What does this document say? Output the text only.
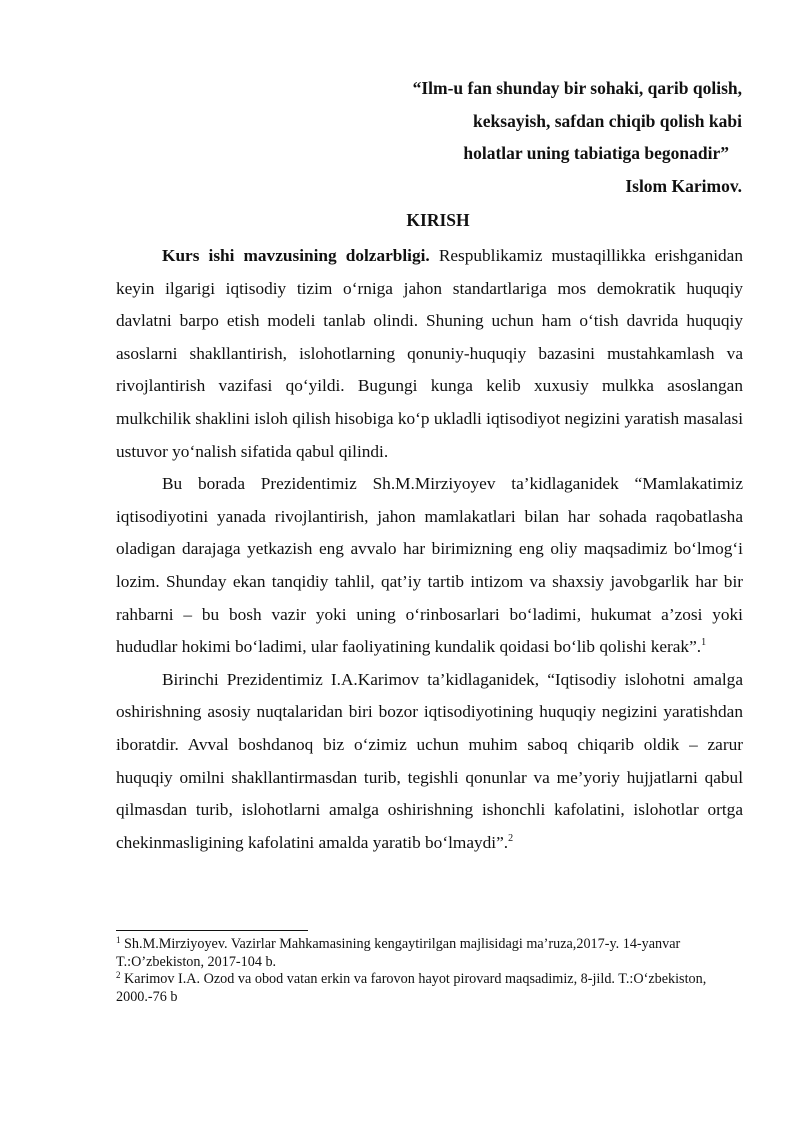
“Ilm-u fan shunday bir sohaki, qarib qolish,
keksayish, safdan chiqib qolish kabi
holatlar uning tabiatiga begonadir”
Islom Karimov.
KIRISH

Kurs ishi mavzusining dolzarbligi. Respublikamiz mustaqillikka erishganidan keyin ilgarigi iqtisodiy tizim o‘rniga jahon standartlariga mos demokratik huquqiy davlatni barpo etish modeli tanlab olindi. Shuning uchun ham o‘tish davrida huquqiy asoslarni shakllantirish, islohotlarning qonuniy-huquqiy bazasini mustahkamlash va rivojlantirish vazifasi qo‘yildi. Bugungi kunga kelib xuxusiy mulkka asoslangan mulkchilik shaklini isloh qilish hisobiga ko‘p ukladli iqtisodiyot negizini yaratish masalasi ustuvor yo‘nalish sifatida qabul qilindi.

Bu borada Prezidentimiz Sh.M.Mirziyoyev ta’kidlaganidek “Mamlakatimiz iqtisodiyotini yanada rivojlantirish, jahon mamlakatlari bilan har sohada raqobatlasha oladigan darajaga yetkazish eng avvalo har birimizning eng oliy maqsadimiz bo‘lmog‘i lozim. Shunday ekan tanqidiy tahlil, qat’iy tartib intizom va shaxsiy javobgarlik har bir rahbarni – bu bosh vazir yoki uning o‘rinbosarlari bo‘ladimi, hukumat a’zosi yoki hududlar hokimi bo‘ladimi, ular faoliyatining kundalik qoidasi bo‘lib qolishi kerak”.$^1$

Birinchi Prezidentimiz I.A.Karimov ta’kidlaganidek, “Iqtisodiy islohotni amalga oshirishning asosiy nuqtalaridan biri bozor iqtisodiyotining huquqiy negizini yaratishdan iboratdir. Avval boshdanoq biz o‘zimiz uchun muhim saboq chiqarib oldik – zarur huquqiy omilni shakllantirmasdan turib, tegishli qonunlar va me’yoriy hujjatlarni qabul qilmasdan turib, islohotlarni amalga oshirishning ishonchli kafolatini, islohotlar ortga chekinmasligining kafolatini amalda yaratib bo‘lmaydi”.$^2$

$^1$ Sh.M.Mirziyoyev. Vazirlar Mahkamasining kengaytirilgan majlisidagi ma’ruza,2017-y. 14-yanvar T.:O’zbekiston, 2017-104 b.

$^2$ Karimov I.A. Ozod va obod vatan erkin va farovon hayot pirovard maqsadimiz, 8-jild. T.:O‘zbekiston, 2000.-76 b
